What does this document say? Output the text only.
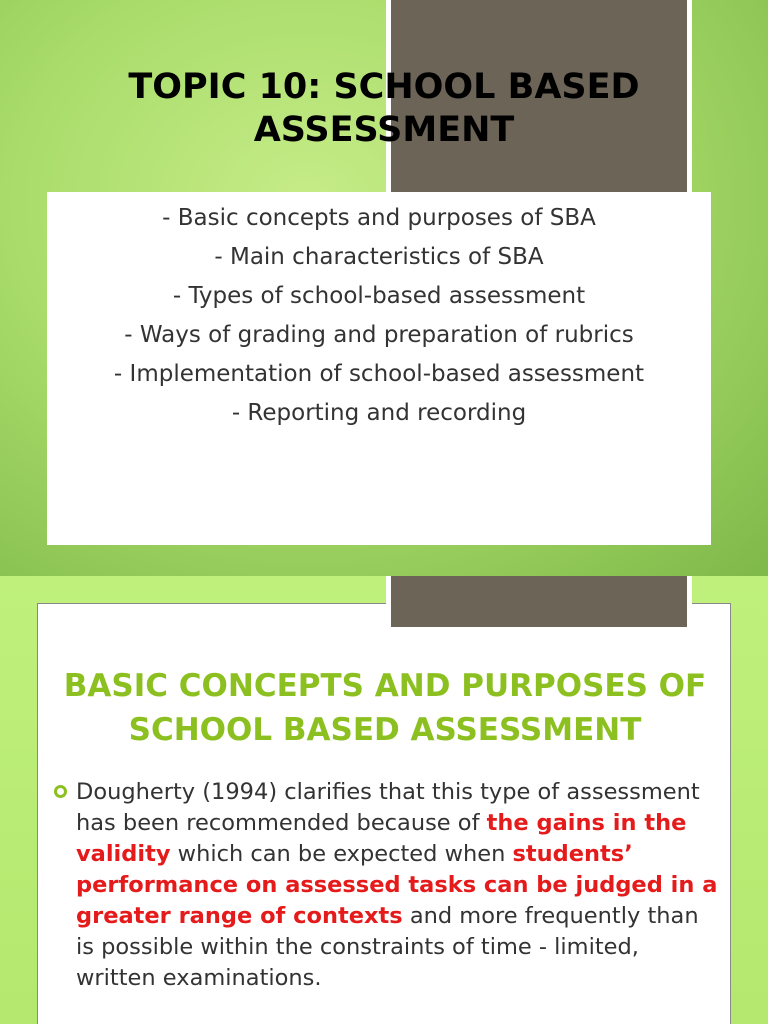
TOPIC 10: SCHOOL BASED
ASSESSMENT
- Basic concepts and purposes of SBA
- Main characteristics of SBA
- Types of school-based assessment
- Ways of grading and preparation of rubrics
- Implementation of school-based assessment
- Reporting and recording
BASIC CONCEPTS AND PURPOSES OF
SCHOOL BASED ASSESSMENT

Dougherty (1994) clarifies that this type of assessment has been recommended because of the gains in the validity which can be expected when students’ performance on assessed tasks can be judged in a greater range of contexts and more frequently than is possible within the constraints of time - limited, written examinations.
